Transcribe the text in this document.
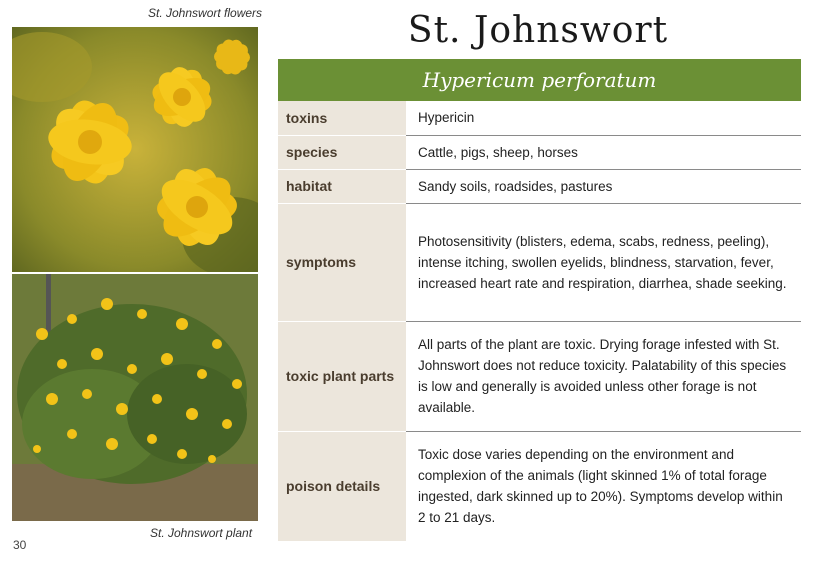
St. Johnswort flowers
St. Johnswort plant
30
St. Johnswort
Hypericum perforatum
toxins	Hypericin
species	Cattle, pigs, sheep, horses
habitat	Sandy soils, roadsides, pastures
symptoms	Photosensitivity (blisters, edema, scabs, redness, peeling), intense itching, swollen eyelids, blindness, starvation, fever, increased heart rate and respiration, diarrhea, shade seeking.
toxic plant parts	All parts of the plant are toxic. Drying forage infested with St. Johnswort does not reduce toxicity. Palatability of this species is low and generally is avoided unless other forage is not available.
poison details	Toxic dose varies depending on the environment and complexion of the animals (light skinned 1% of total forage ingested, dark skinned up to 20%). Symptoms develop within 2 to 21 days.
